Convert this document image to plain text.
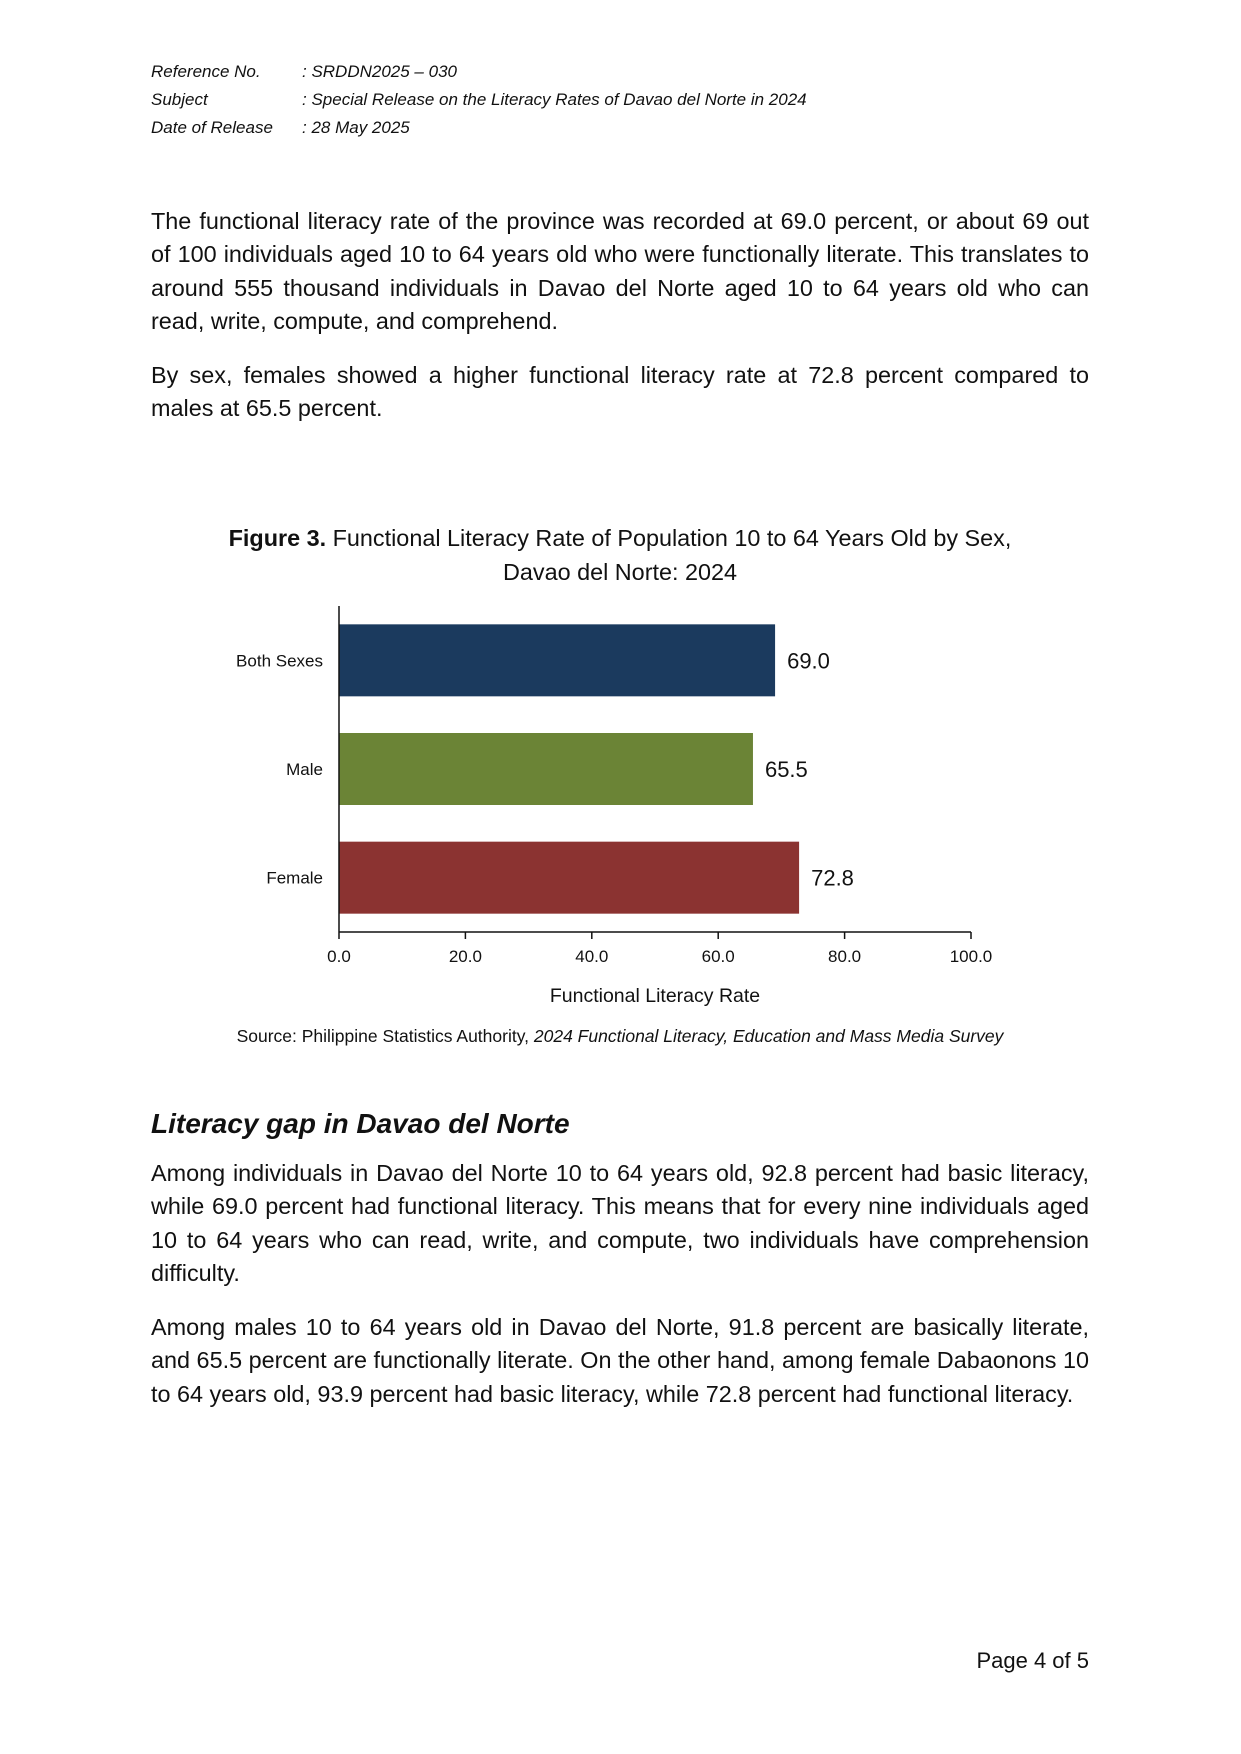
Reference No.	: SRDDN2025 – 030
Subject	: Special Release on the Literacy Rates of Davao del Norte in 2024
Date of Release	: 28 May 2025

The functional literacy rate of the province was recorded at 69.0 percent, or about 69 out of 100 individuals aged 10 to 64 years old who were functionally literate. This translates to around 555 thousand individuals in Davao del Norte aged 10 to 64 years old who can read, write, compute, and comprehend.

By sex, females showed a higher functional literacy rate at 72.8 percent compared to males at 65.5 percent.

Figure 3. Functional Literacy Rate of Population 10 to 64 Years Old by Sex,
Davao del Norte: 2024
Both Sexes	69.0
Male	65.5
Female	72.8
0.0	20.0	40.0	60.0	80.0	100.0
Functional Literacy Rate
Source: Philippine Statistics Authority, 2024 Functional Literacy, Education and Mass Media Survey
Literacy gap in Davao del Norte

Among individuals in Davao del Norte 10 to 64 years old, 92.8 percent had basic literacy, while 69.0 percent had functional literacy. This means that for every nine individuals aged 10 to 64 years who can read, write, and compute, two individuals have comprehension difficulty.

Among males 10 to 64 years old in Davao del Norte, 91.8 percent are basically literate, and 65.5 percent are functionally literate. On the other hand, among female Dabaonons 10 to 64 years old, 93.9 percent had basic literacy, while 72.8 percent had functional literacy.

Page 4 of 5
